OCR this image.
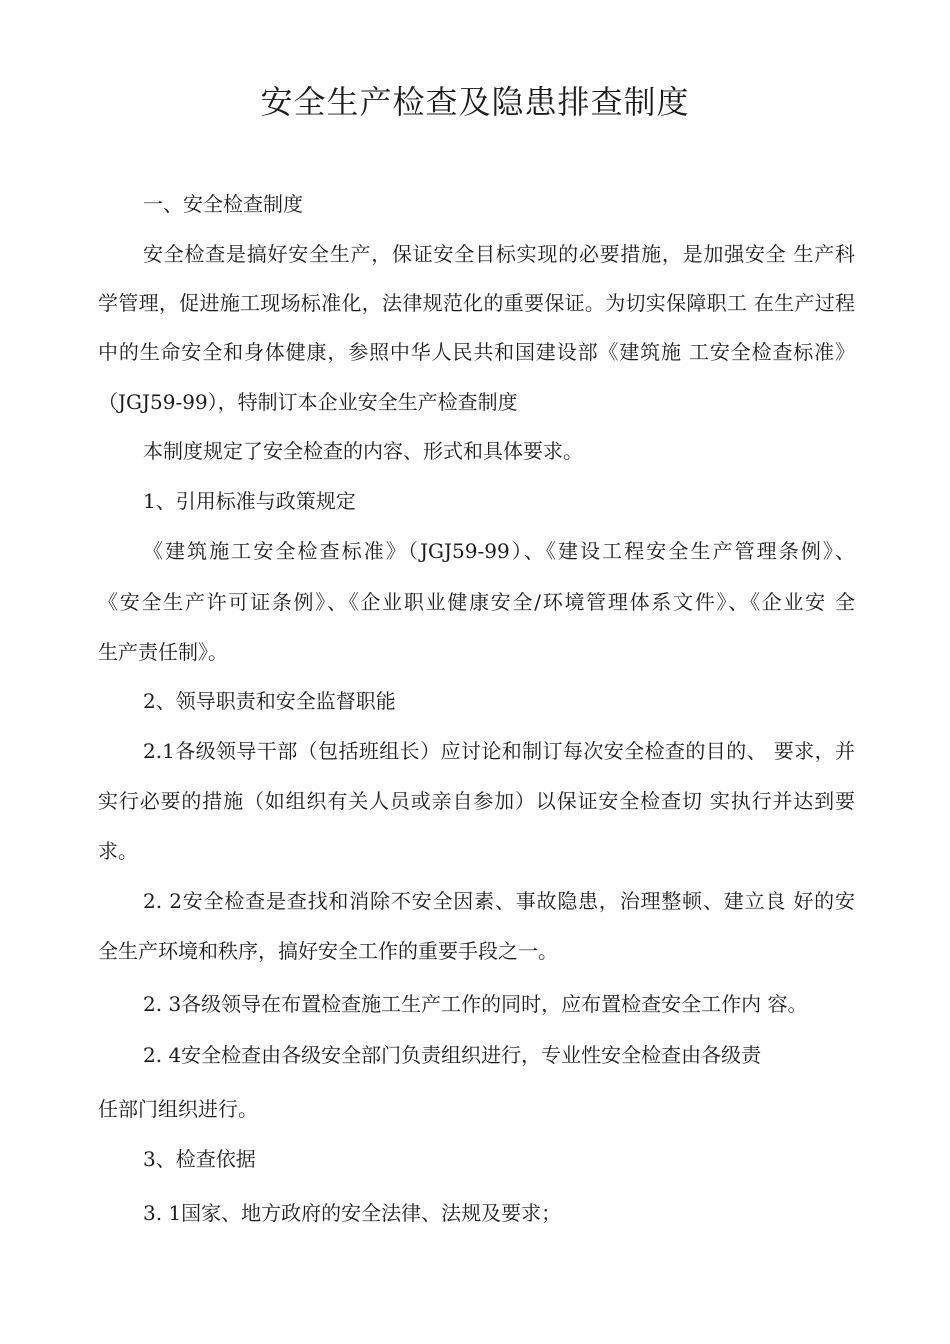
安全生产检查及隐患排查制度
一、安全检查制度
安全检查是搞好安全生产，保证安全目标实现的必要措施，是加强安全 生产科
学管理，促进施工现场标准化，法律规范化的重要保证。为切实保障职工 在生产过程
中的生命安全和身体健康，参照中华人民共和国建设部《建筑施 工安全检查标准》
（JGJ59-99），特制订本企业安全生产检查制度
本制度规定了安全检查的内容、形式和具体要求。
1、引用标准与政策规定
《建筑施工安全检查标准》（JGJ59-99）、《建设工程安全生产管理条例》、
《安全生产许可证条例》、《企业职业健康安全/环境管理体系文件》、《企业安 全
生产责任制》。
2、领导职责和安全监督职能
2.1各级领导干部（包括班组长）应讨论和制订每次安全检查的目的、 要求，并
实行必要的措施（如组织有关人员或亲自参加）以保证安全检查切 实执行并达到要
求。
2. 2安全检查是查找和消除不安全因素、事故隐患，治理整顿、建立良 好的安
全生产环境和秩序，搞好安全工作的重要手段之一。
2. 3各级领导在布置检查施工生产工作的同时，应布置检查安全工作内 容。
2. 4安全检查由各级安全部门负责组织进行，专业性安全检查由各级责
任部门组织进行。
3、检查依据
3. 1国家、地方政府的安全法律、法规及要求；
